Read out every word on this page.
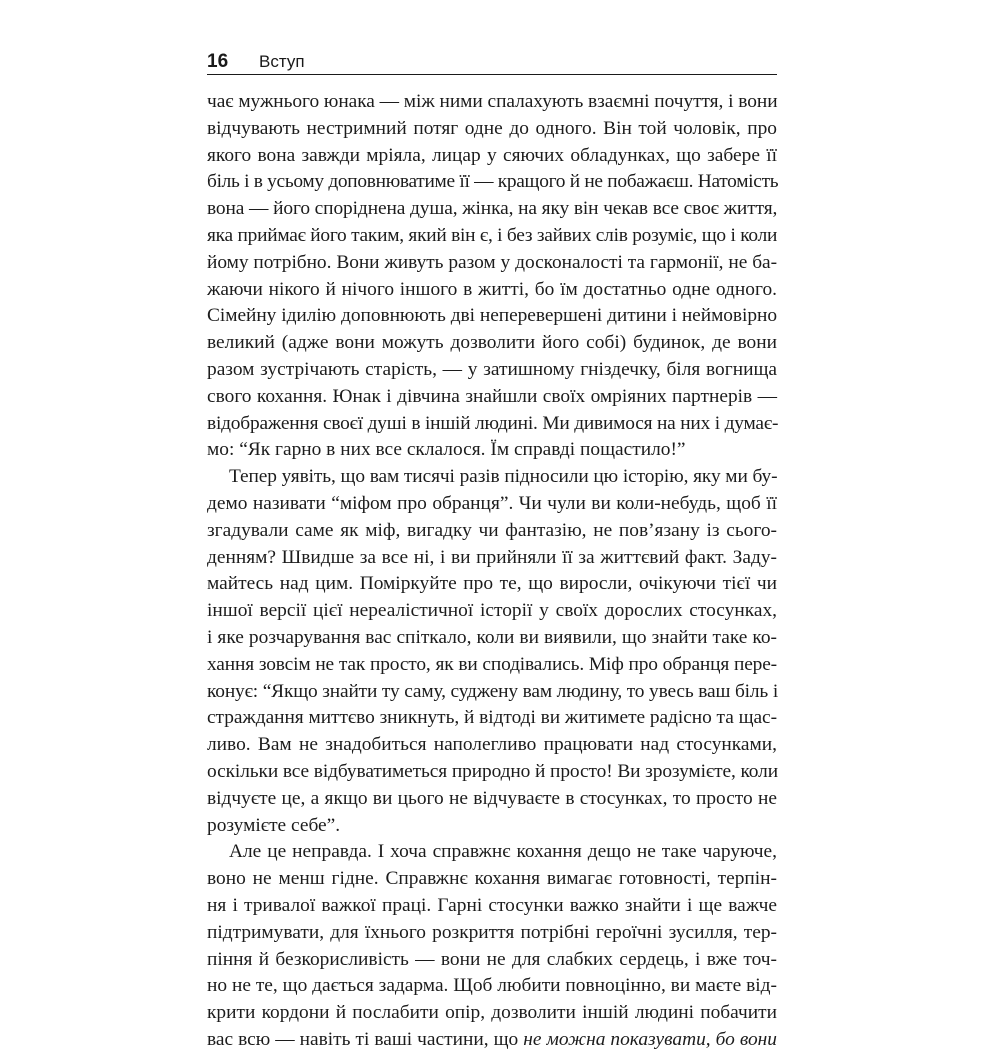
16 Вступ
чає мужнього юнака — між ними спалахують взаємні почуття, і вони
відчувають нестримний потяг одне до одного. Він той чоловік, про
якого вона завжди мріяла, лицар у сяючих обладунках, що забере її
біль і в усьому доповнюватиме її — кращого й не побажаєш. Натомість
вона — його споріднена душа, жінка, на яку він чекав все своє життя,
яка приймає його таким, який він є, і без зайвих слів розуміє, що і коли
йому потрібно. Вони живуть разом у досконалості та гармонії, не ба-
жаючи нікого й нічого іншого в житті, бо їм достатньо одне одного.
Сімейну ідилію доповнюють дві неперевершені дитини і неймовірно
великий (адже вони можуть дозволити його собі) будинок, де вони
разом зустрічають старість, — у затишному гніздечку, біля вогнища
свого кохання. Юнак і дівчина знайшли своїх омріяних партнерів —
відображення своєї душі в іншій людині. Ми дивимося на них і думає-
мо: “Як гарно в них все склалося. Їм справді пощастило!”
Тепер уявіть, що вам тисячі разів підносили цю історію, яку ми бу-
демо називати “міфом про обранця”. Чи чули ви коли-небудь, щоб її
згадували саме як міф, вигадку чи фантазію, не пов’язану із сього-
денням? Швидше за все ні, і ви прийняли її за життєвий факт. Заду-
майтесь над цим. Поміркуйте про те, що виросли, очікуючи тієї чи
іншої версії цієї нереалістичної історії у своїх дорослих стосунках,
і яке розчарування вас спіткало, коли ви виявили, що знайти таке ко-
хання зовсім не так просто, як ви сподівались. Міф про обранця пере-
конує: “Якщо знайти ту саму, суджену вам людину, то увесь ваш біль і
страждання миттєво зникнуть, й відтоді ви житимете радісно та щас-
ливо. Вам не знадобиться наполегливо працювати над стосунками,
оскільки все відбуватиметься природно й просто! Ви зрозумієте, коли
відчуєте це, а якщо ви цього не відчуваєте в стосунках, то просто не
розумієте себе”.
Але це неправда. І хоча справжнє кохання дещо не таке чаруюче,
воно не менш гідне. Справжнє кохання вимагає готовності, терпін-
ня і тривалої важкої праці. Гарні стосунки важко знайти і ще важче
підтримувати, для їхнього розкриття потрібні героїчні зусилля, тер-
піння й безкорисливість — вони не для слабких сердець, і вже точ-
но не те, що дається задарма. Щоб любити повноцінно, ви маєте від-
крити кордони й послабити опір, дозволити іншій людині побачити
вас всю — навіть ті ваші частини, що не можна показувати, бо вони
